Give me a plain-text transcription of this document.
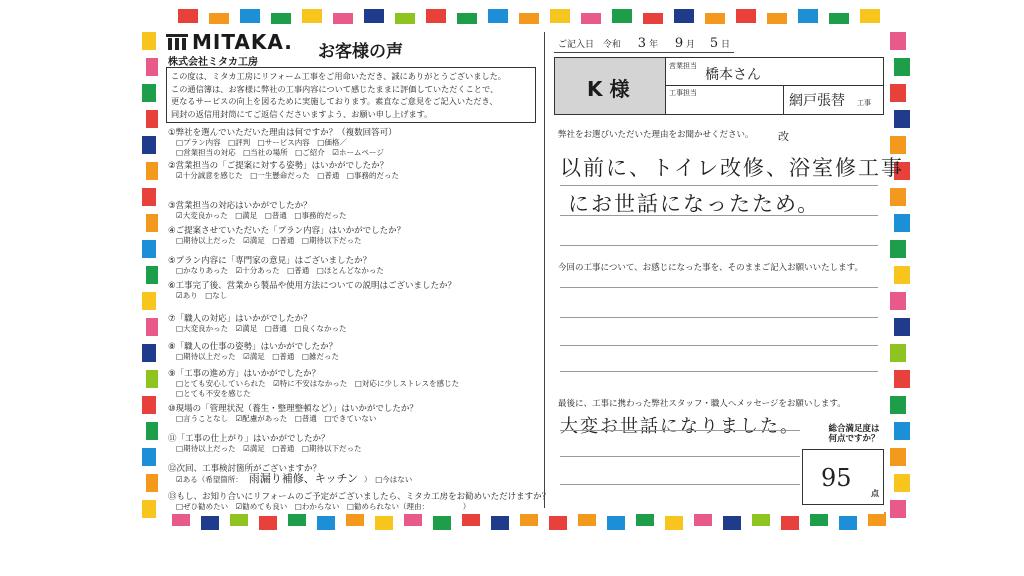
MITAKA.
株式会社ミタカ工房
お客様の声
この度は、ミタカ工房にリフォーム工事をご用命いただき、誠にありがとうございました。
この通信簿は、お客様に弊社の工事内容について感じたままに評価していただくことで、
更なるサービスの向上を図るために実施しております。素直なご意見をご記入いただき、
同封の返信用封筒にてご返信くださいますよう、お願い申し上げます。
①弊社を選んでいただいた理由は何ですか？（複数回答可）
□プラン内容　□評判　□サービス内容　□価格／
□営業担当の対応　□当社の場所　□ご紹介　☑ホームページ
②営業担当の「ご提案に対する姿勢」はいかがでしたか？
☑十分誠意を感じた　□一生懸命だった　□普通　□事務的だった
③営業担当の対応はいかがでしたか？
☑大変良かった　□満足　□普通　□事務的だった
④ご提案させていただいた「プラン内容」はいかがでしたか？
□期待以上だった　☑満足　□普通　□期待以下だった
⑤プラン内容に「専門家の意見」はございましたか？
□かなりあった　☑十分あった　□普通　□ほとんどなかった
⑥工事完了後、営業から製品や使用方法についての説明はございましたか？
☑あり　□なし
⑦「職人の対応」はいかがでしたか？
□大変良かった　☑満足　□普通　□良くなかった
⑧「職人の仕事の姿勢」はいかがでしたか？
□期待以上だった　☑満足　□普通　□雑だった
⑨「工事の進め方」はいかがでしたか？
□とても安心していられた　☑特に不安はなかった　□対応に少しストレスを感じた
□とても不安を感じた
⑩現場の「管理状況（養生・整理整頓など）」はいかがでしたか？
□言うことなし　☑配慮があった　□普通　□できていない
⑪「工事の仕上がり」はいかがでしたか？
□期待以上だった　☑満足　□普通　□期待以下だった
⑫次回、工事検討箇所がございますか？
☑ある（希望箇所： 雨漏り補修、キッチン ）　□今はない
⑬もし、お知り合いにリフォームのご予定がございましたら、ミタカ工房をお勧めいただけますか？
□ぜひ勧めたい　☑勧めても良い　□わからない　□勧められない（理由：　　　　　）
ご記入日 令和 3 年 9 月 5 日
K 様
営業担当
橋本さん
工事担当	網戸張替 工事
弊社をお選びいただいた理由をお聞かせください。 改
以前に、トイレ改修、浴室修工事
にお世話になったため。
今回の工事について、お感じになった事を、そのままご記入お願いいたします。
最後に、工事に携わった弊社スタッフ・職人へメッセージをお願いします。
大変お世話になりました。	総合満足度は
何点ですか？
95
点
